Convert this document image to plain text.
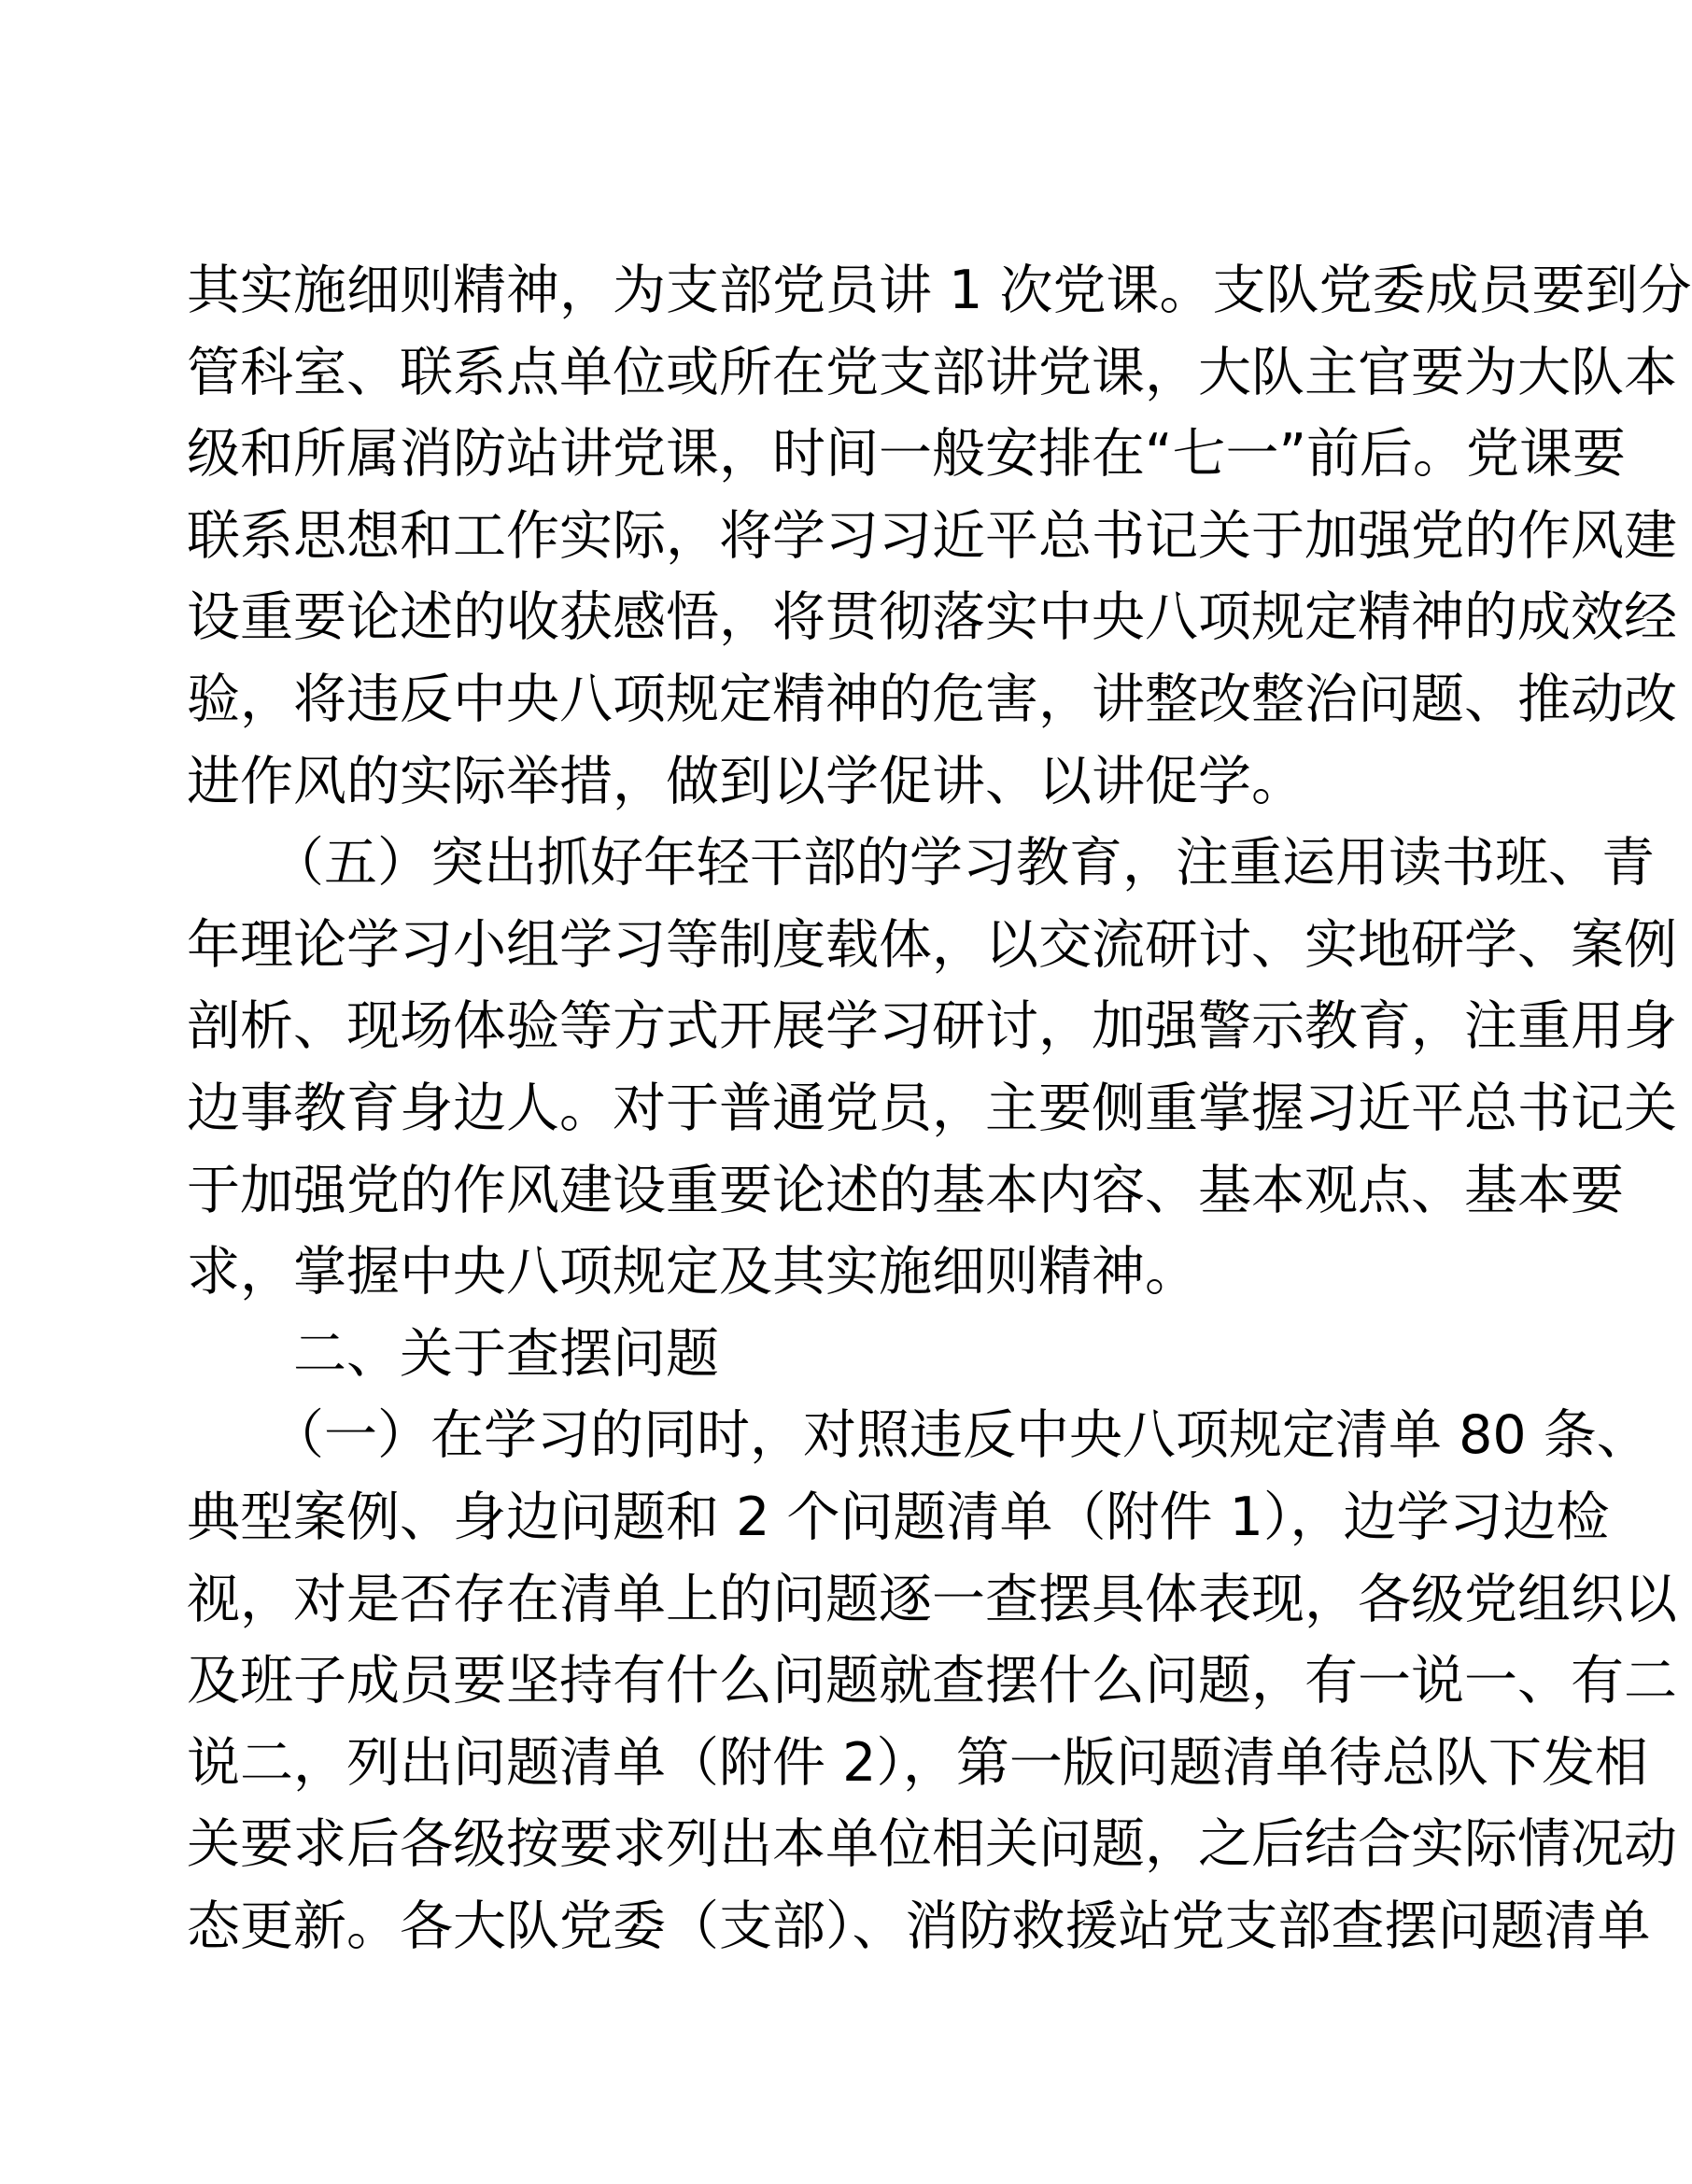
其实施细则精神，为支部党员讲 1 次党课。支队党委成员要到分
管科室、联系点单位或所在党支部讲党课，大队主官要为大队本
级和所属消防站讲党课，时间一般安排在“七一”前后。党课要
联系思想和工作实际，将学习习近平总书记关于加强党的作风建
设重要论述的收获感悟，将贯彻落实中央八项规定精神的成效经
验，将违反中央八项规定精神的危害，讲整改整治问题、推动改
进作风的实际举措，做到以学促讲、以讲促学。
（五）突出抓好年轻干部的学习教育，注重运用读书班、青
年理论学习小组学习等制度载体，以交流研讨、实地研学、案例
剖析、现场体验等方式开展学习研讨，加强警示教育，注重用身
边事教育身边人。对于普通党员，主要侧重掌握习近平总书记关
于加强党的作风建设重要论述的基本内容、基本观点、基本要
求，掌握中央八项规定及其实施细则精神。
二、关于查摆问题
（一）在学习的同时，对照违反中央八项规定清单 80 条、
典型案例、身边问题和 2 个问题清单（附件 1），边学习边检
视，对是否存在清单上的问题逐一查摆具体表现，各级党组织以
及班子成员要坚持有什么问题就查摆什么问题，有一说一、有二
说二，列出问题清单（附件 2），第一版问题清单待总队下发相
关要求后各级按要求列出本单位相关问题，之后结合实际情况动
态更新。各大队党委（支部）、消防救援站党支部查摆问题清单
